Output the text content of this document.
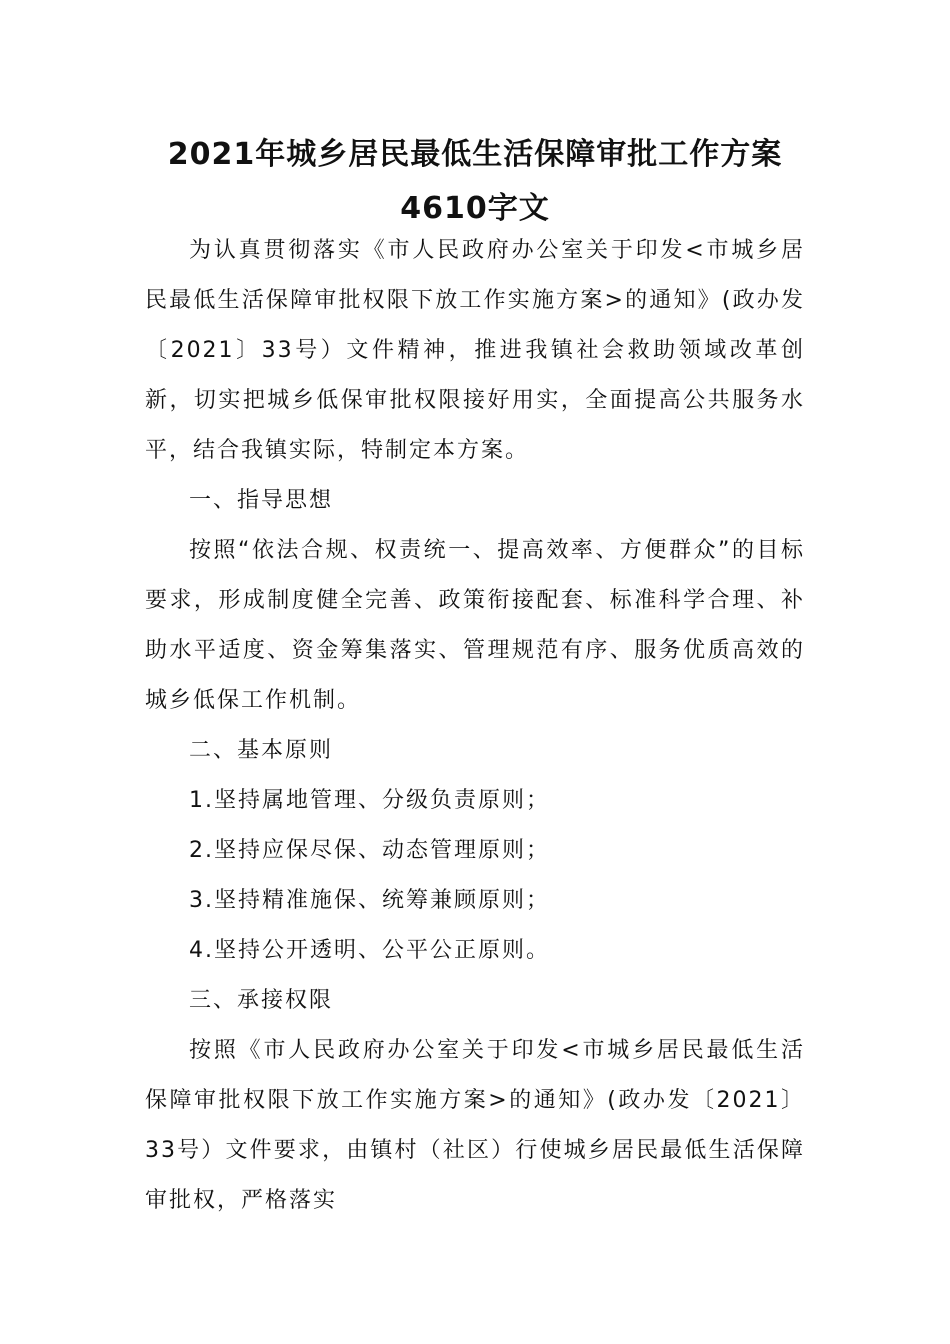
2021年城乡居民最低生活保障审批工作方案4610字文

为认真贯彻落实《市人民政府办公室关于印发<市城乡居民最低生活保障审批权限下放工作实施方案>的通知》(政办发〔2021〕33号）文件精神，推进我镇社会救助领域改革创新，切实把城乡低保审批权限接好用实，全面提高公共服务水平，结合我镇实际，特制定本方案。

一、指导思想

按照“依法合规、权责统一、提高效率、方便群众”的目标要求，形成制度健全完善、政策衔接配套、标准科学合理、补助水平适度、资金筹集落实、管理规范有序、服务优质高效的城乡低保工作机制。

二、基本原则

1.坚持属地管理、分级负责原则；

2.坚持应保尽保、动态管理原则；

3.坚持精准施保、统筹兼顾原则；

4.坚持公开透明、公平公正原则。

三、承接权限

按照《市人民政府办公室关于印发<市城乡居民最低生活保障审批权限下放工作实施方案>的通知》(政办发〔2021〕33号）文件要求，由镇村（社区）行使城乡居民最低生活保障审批权，严格落实
